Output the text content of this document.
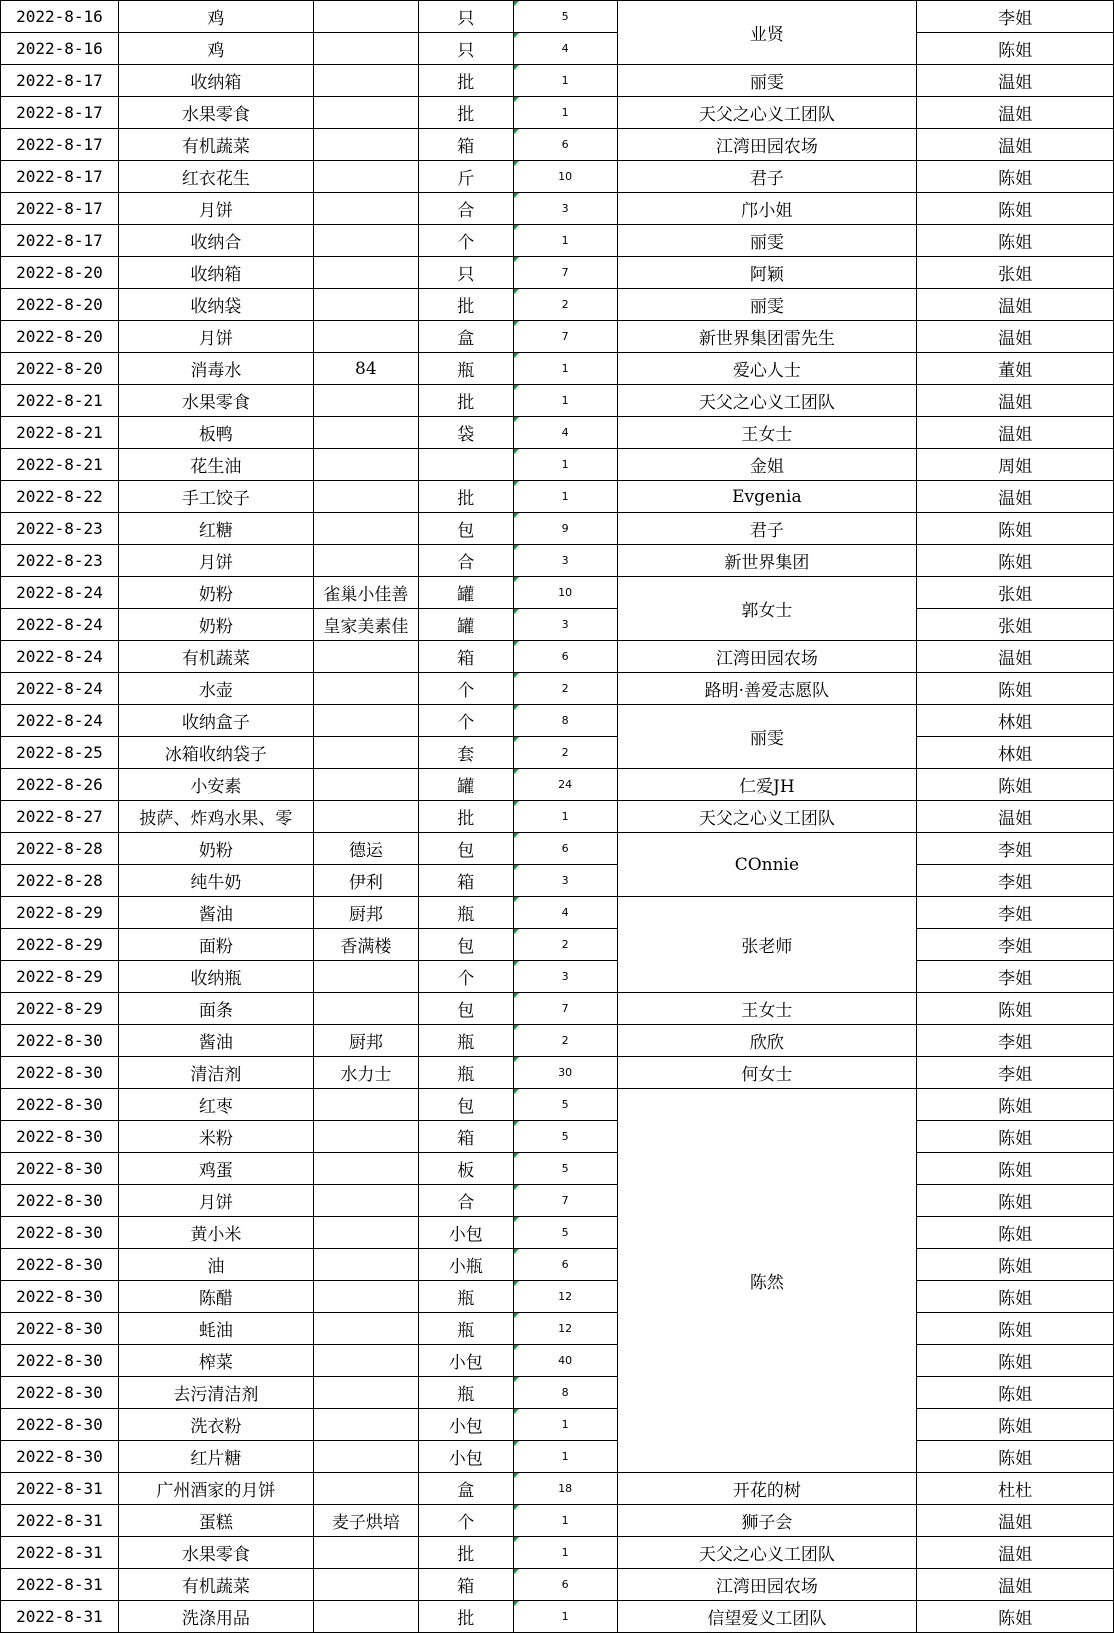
2022-8-16	鸡		只	5	业贤	李姐
2022-8-16	鸡		只	4		陈姐
2022-8-17	收纳箱		批	1	丽雯	温姐
2022-8-17	水果零食		批	1	天父之心义工团队	温姐
2022-8-17	有机蔬菜		箱	6	江湾田园农场	温姐
2022-8-17	红衣花生		斤	10	君子	陈姐
2022-8-17	月饼		合	3	邝小姐	陈姐
2022-8-17	收纳合		个	1	丽雯	陈姐
2022-8-20	收纳箱		只	7	阿颖	张姐
2022-8-20	收纳袋		批	2	丽雯	温姐
2022-8-20	月饼		盒	7	新世界集团雷先生	温姐
2022-8-20	消毒水	84	瓶	1	爱心人士	董姐
2022-8-21	水果零食		批	1	天父之心义工团队	温姐
2022-8-21	板鸭		袋	4	王女士	温姐
2022-8-21	花生油			1	金姐	周姐
2022-8-22	手工饺子		批	1	Evgenia	温姐
2022-8-23	红糖		包	9	君子	陈姐
2022-8-23	月饼		合	3	新世界集团	陈姐
2022-8-24	奶粉	雀巢小佳善	罐	10	郭女士	张姐
2022-8-24	奶粉	皇家美素佳	罐	3		张姐
2022-8-24	有机蔬菜		箱	6	江湾田园农场	温姐
2022-8-24	水壶		个	2	路明·善爱志愿队	陈姐
2022-8-24	收纳盒子		个	8	丽雯	林姐
2022-8-25	冰箱收纳袋子		套	2		林姐
2022-8-26	小安素		罐	24	仁爱JH	陈姐
2022-8-27	披萨、炸鸡水果、零		批	1	天父之心义工团队	温姐
2022-8-28	奶粉	德运	包	6	COnnie	李姐
2022-8-28	纯牛奶	伊利	箱	3		李姐
2022-8-29	酱油	厨邦	瓶	4	张老师	李姐
2022-8-29	面粉	香满楼	包	2		李姐
2022-8-29	收纳瓶		个	3		李姐
2022-8-29	面条		包	7	王女士	陈姐
2022-8-30	酱油	厨邦	瓶	2	欣欣	李姐
2022-8-30	清洁剂	水力士	瓶	30	何女士	李姐
2022-8-30	红枣		包	5	陈然	陈姐
2022-8-30	米粉		箱	5		陈姐
2022-8-30	鸡蛋		板	5		陈姐
2022-8-30	月饼		合	7		陈姐
2022-8-30	黄小米		小包	5		陈姐
2022-8-30	油		小瓶	6		陈姐
2022-8-30	陈醋		瓶	12		陈姐
2022-8-30	蚝油		瓶	12		陈姐
2022-8-30	榨菜		小包	40		陈姐
2022-8-30	去污清洁剂		瓶	8		陈姐
2022-8-30	洗衣粉		小包	1		陈姐
2022-8-30	红片糖		小包	1		陈姐
2022-8-31	广州酒家的月饼		盒	18	开花的树	杜杜
2022-8-31	蛋糕	麦子烘培	个	1	狮子会	温姐
2022-8-31	水果零食		批	1	天父之心义工团队	温姐
2022-8-31	有机蔬菜		箱	6	江湾田园农场	温姐
2022-8-31	洗涤用品		批	1	信望爱义工团队	陈姐
